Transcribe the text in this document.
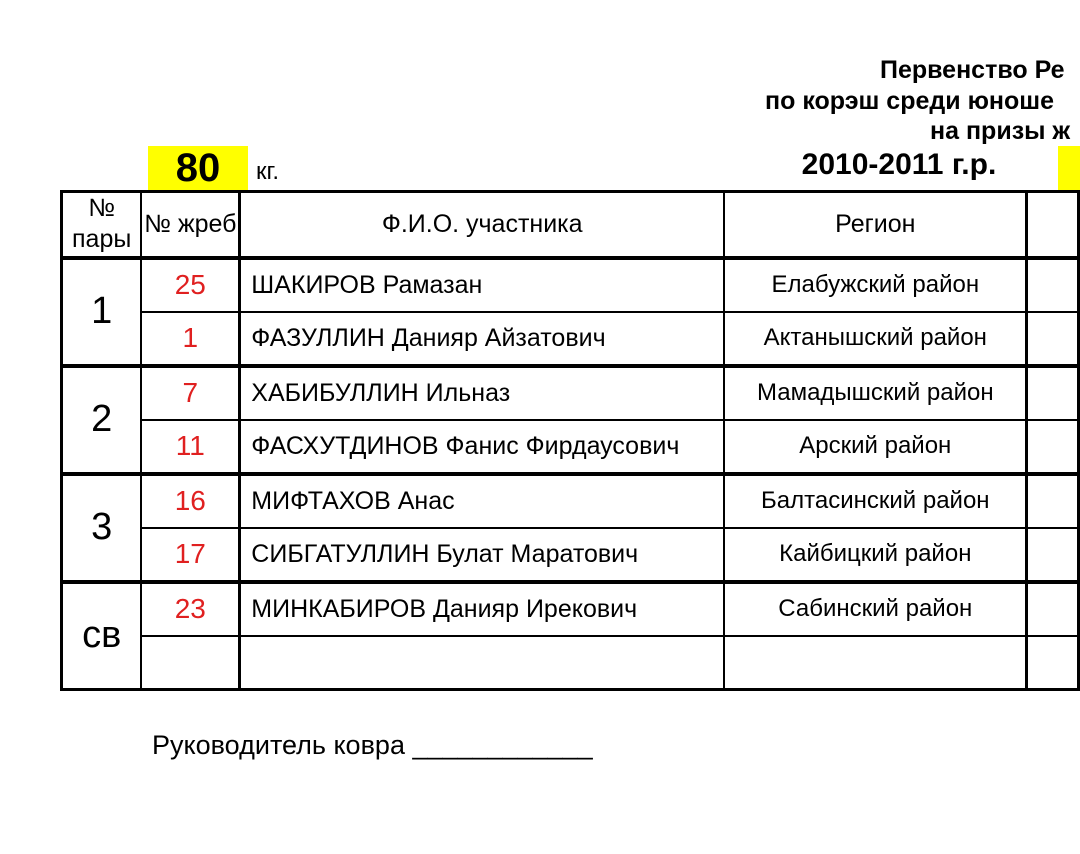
Первенство Ре
по корэш среди юноше
на призы ж
80	кг.	2010-2011 г.р.
№ пары	№ жреб	Ф.И.О. участника	Регион	
1	25	ШАКИРОВ Рамазан	Елабужский район	
	1	ФАЗУЛЛИН Данияр Айзатович	Актанышский район	
2	7	ХАБИБУЛЛИН Ильназ	Мамадышский район	
	11	ФАСХУТДИНОВ Фанис Фирдаусович	Арский район	
3	16	МИФТАХОВ Анас	Балтасинский район	
	17	СИБГАТУЛЛИН Булат Маратович	Кайбицкий район	
св	23	МИНКАБИРОВ Данияр Ирекович	Сабинский район	

Руководитель ковра ____________
